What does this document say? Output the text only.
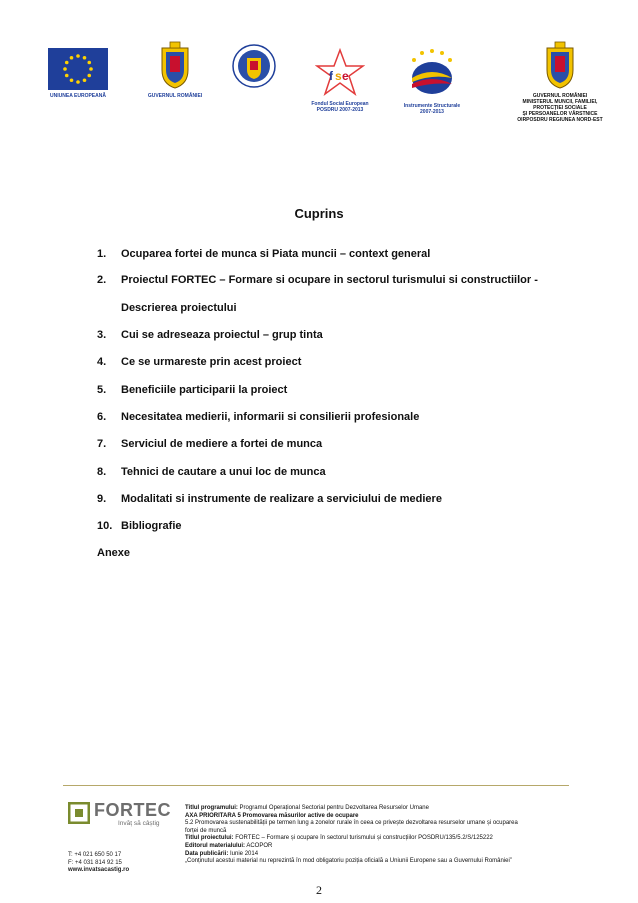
UNIUNEA EUROPEANĂ	GUVERNUL ROMÂNIEI
f s e
Fondul Social European
POSDRU 2007-2013
Instrumente Structurale
2007-2013
GUVERNUL ROMÂNIEI
MINISTERUL MUNCII, FAMILIEI,
PROTECȚIEI SOCIALE
ȘI PERSOANELOR VÂRSTNICE
OIRPOSDRU REGIUNEA NORD-EST
Cuprins
1. Ocuparea fortei de munca si Piata muncii – context general
2. Proiectul FORTEC – Formare si ocupare in sectorul turismului si constructiilor -
Descrierea proiectului
3. Cui se adreseaza proiectul – grup tinta
4. Ce se urmareste prin acest proiect
5. Beneficiile participarii la proiect
6. Necesitatea medierii, informarii si consilierii profesionale
7. Serviciul de mediere a fortei de munca
8. Tehnici de cautare a unui loc de munca
9. Modalitati si instrumente de realizare a serviciului de mediere
10. Bibliografie
Anexe
FORTEC
Invăț să câștig
T: +4 021 650 50 17
F: +4 031 814 92 15
www.invatsacastig.ro
Titlul programului: Programul Operațional Sectorial pentru Dezvoltarea Resurselor Umane
AXA PRIORITARA 5 Promovarea măsurilor active de ocupare
5.2 Promovarea sustenabilității pe termen lung a zonelor rurale în ceea ce privește dezvoltarea resurselor umane și ocuparea
forței de muncă
Titlul proiectului: FORTEC – Formare și ocupare în sectorul turismului și construcțiilor POSDRU/135/5.2/S/125222
Editorul materialului: ACOPOR
Data publicării: Iunie 2014
„Conținutul acestui material nu reprezintă în mod obligatoriu poziția oficială a Uniunii Europene sau a Guvernului României”
2
